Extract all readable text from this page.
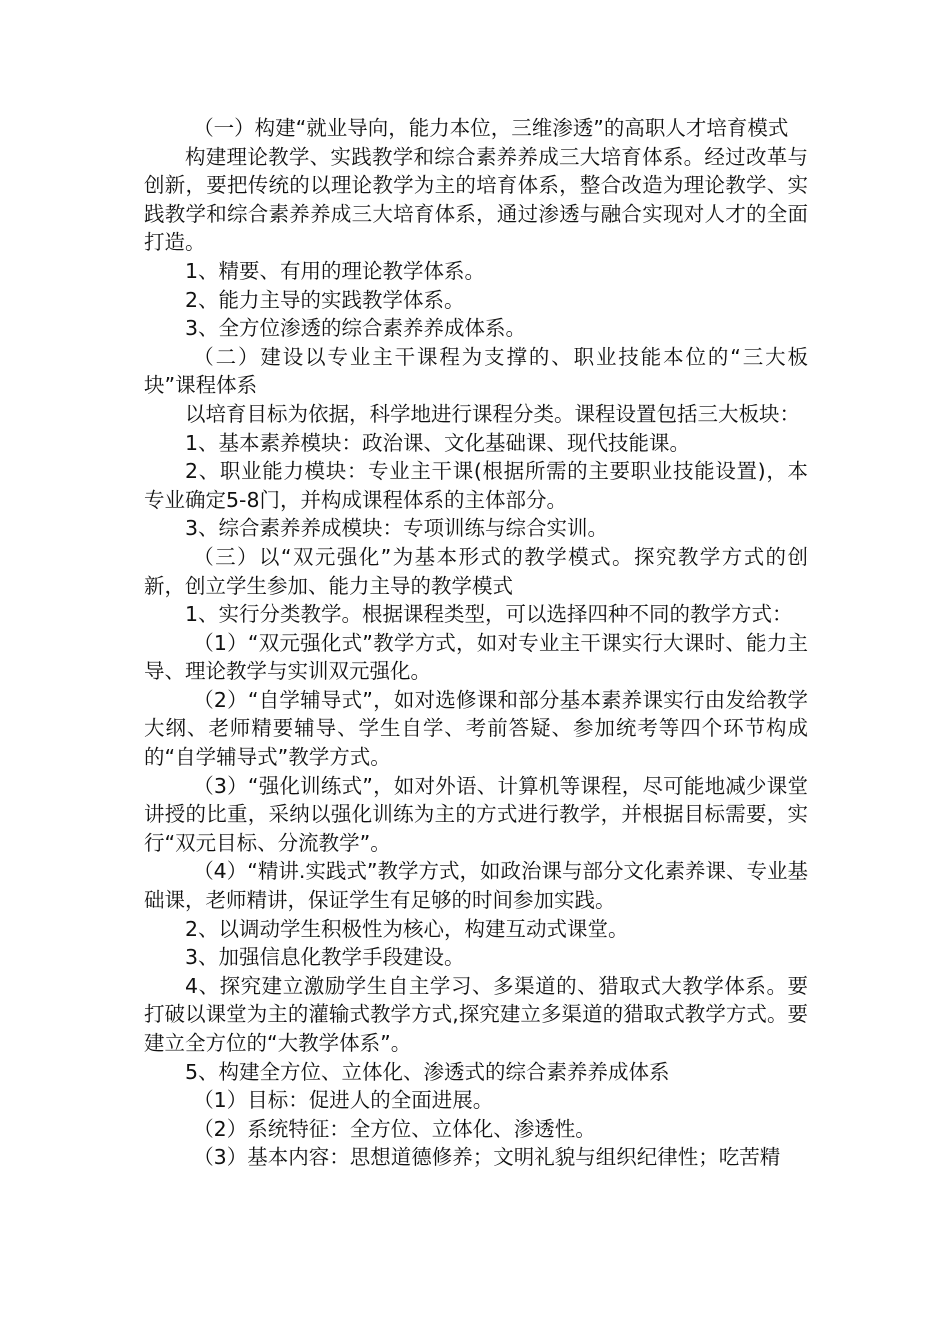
（一）构建“就业导向，能力本位，三维渗透”的高职人才培育模式

构建理论教学、实践教学和综合素养养成三大培育体系。经过改革与创新，要把传统的以理论教学为主的培育体系，整合改造为理论教学、实践教学和综合素养养成三大培育体系，通过渗透与融合实现对人才的全面打造。

1、精要、有用的理论教学体系。

2、能力主导的实践教学体系。

3、全方位渗透的综合素养养成体系。

（二）建设以专业主干课程为支撑的、职业技能本位的“三大板块”课程体系

以培育目标为依据，科学地进行课程分类。课程设置包括三大板块：

1、基本素养模块：政治课、文化基础课、现代技能课。

2、职业能力模块：专业主干课(根据所需的主要职业技能设置)，本专业确定5-8门，并构成课程体系的主体部分。

3、综合素养养成模块：专项训练与综合实训。

（三）以“双元强化”为基本形式的教学模式。探究教学方式的创新，创立学生参加、能力主导的教学模式

1、实行分类教学。根据课程类型，可以选择四种不同的教学方式：

（1）“双元强化式”教学方式，如对专业主干课实行大课时、能力主导、理论教学与实训双元强化。

（2）“自学辅导式”，如对选修课和部分基本素养课实行由发给教学大纲、老师精要辅导、学生自学、考前答疑、参加统考等四个环节构成的“自学辅导式”教学方式。

（3）“强化训练式”，如对外语、计算机等课程，尽可能地减少课堂讲授的比重，采纳以强化训练为主的方式进行教学，并根据目标需要，实行“双元目标、分流教学”。

（4）“精讲.实践式”教学方式，如政治课与部分文化素养课、专业基础课，老师精讲，保证学生有足够的时间参加实践。

2、以调动学生积极性为核心，构建互动式课堂。

3、加强信息化教学手段建设。

4、探究建立激励学生自主学习、多渠道的、猎取式大教学体系。要打破以课堂为主的灌输式教学方式,探究建立多渠道的猎取式教学方式。要建立全方位的“大教学体系”。

5、构建全方位、立体化、渗透式的综合素养养成体系

（1）目标：促进人的全面进展。

（2）系统特征：全方位、立体化、渗透性。

（3）基本内容：思想道德修养；文明礼貌与组织纪律性；吃苦精
